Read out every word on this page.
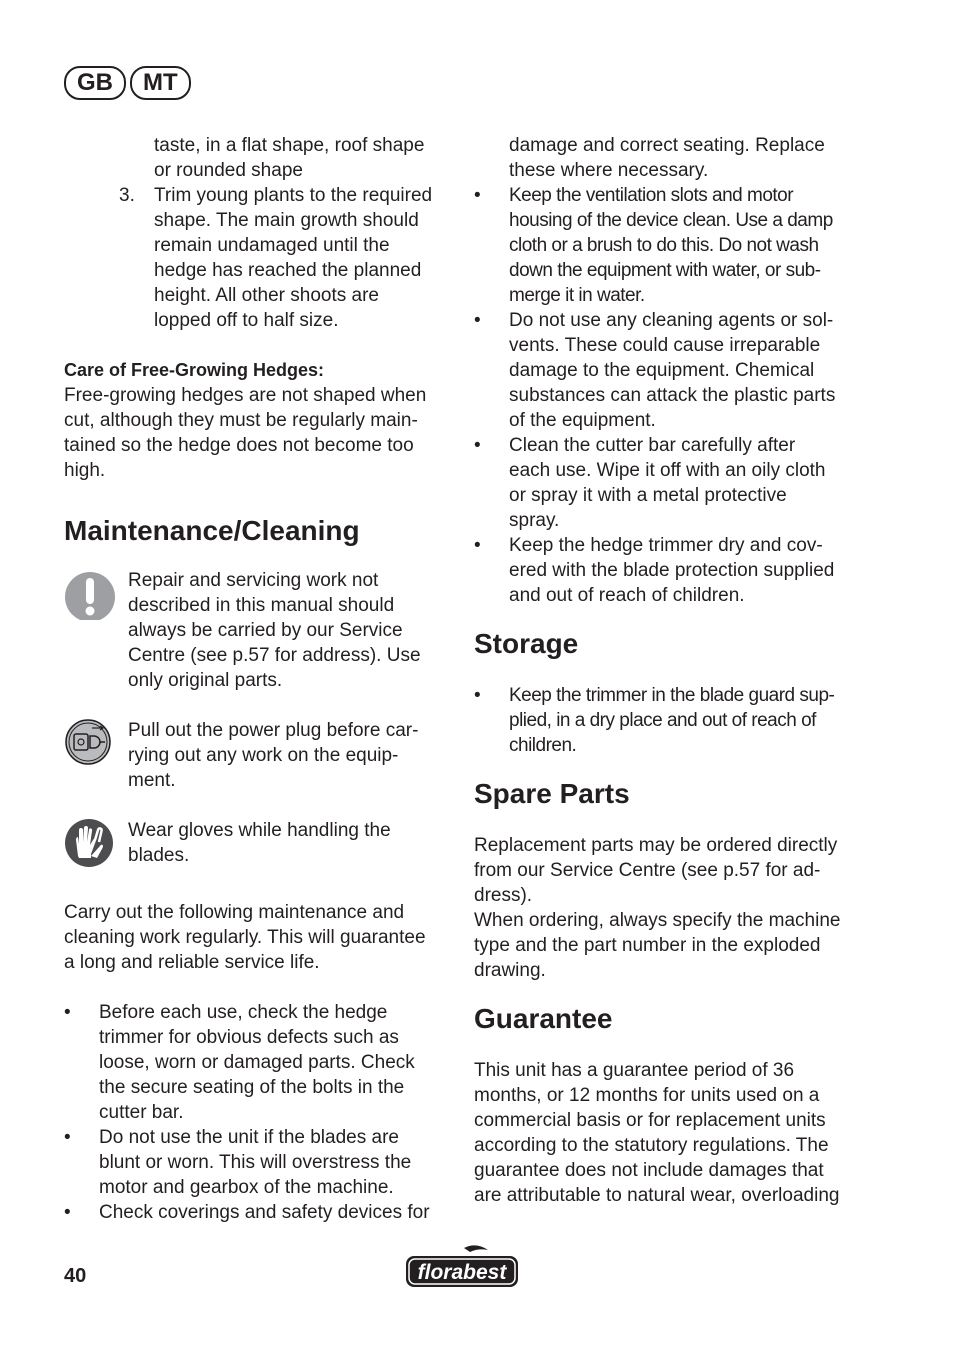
GB	MT
taste, in a flat shape, roof shape
or rounded shape
3.	Trim young plants to the required
shape. The main growth should
remain undamaged until the
hedge has reached the planned
height. All other shoots are
lopped off to half size.
Care of Free-Growing Hedges:
Free-growing hedges are not shaped when
cut, although they must be regularly main-
tained so the hedge does not become too
high.
Maintenance/Cleaning
Repair and servicing work not
described in this manual should
always be carried by our Service
Centre (see p.57 for address). Use
only original parts.
Pull out the power plug before car-
rying out any work on the equip-
ment.
Wear gloves while handling the
blades.
Carry out the following maintenance and
cleaning work regularly. This will guarantee
a long and reliable service life.
•	Before each use, check the hedge
trimmer for obvious defects such as
loose, worn or damaged parts. Check
the secure seating of the bolts in the
cutter bar.
•	Do not use the unit if the blades are
blunt or worn. This will overstress the
motor and gearbox of the machine.
•	Check coverings and safety devices for
damage and correct seating. Replace
these where necessary.
•	Keep the ventilation slots and motor
housing of the device clean. Use a damp
cloth or a brush to do this. Do not wash
down the equipment with water, or sub-
merge it in water.
•	Do not use any cleaning agents or sol-
vents. These could cause irreparable
damage to the equipment. Chemical
substances can attack the plastic parts
of the equipment.
•	Clean the cutter bar carefully after
each use. Wipe it off with an oily cloth
or spray it with a metal protective
spray.
•	Keep the hedge trimmer dry and cov-
ered with the blade protection supplied
and out of reach of children.
Storage
•	Keep the trimmer in the blade guard sup-
plied, in a dry place and out of reach of
children.
Spare Parts
Replacement parts may be ordered directly
from our Service Centre (see p.57 for ad-
dress).
When ordering, always specify the machine
type and the part number in the exploded
drawing.
Guarantee
This unit has a guarantee period of 36
months, or 12 months for units used on a
commercial basis or for replacement units
according to the statutory regulations. The
guarantee does not include damages that
are attributable to natural wear, overloading
40	florabest
